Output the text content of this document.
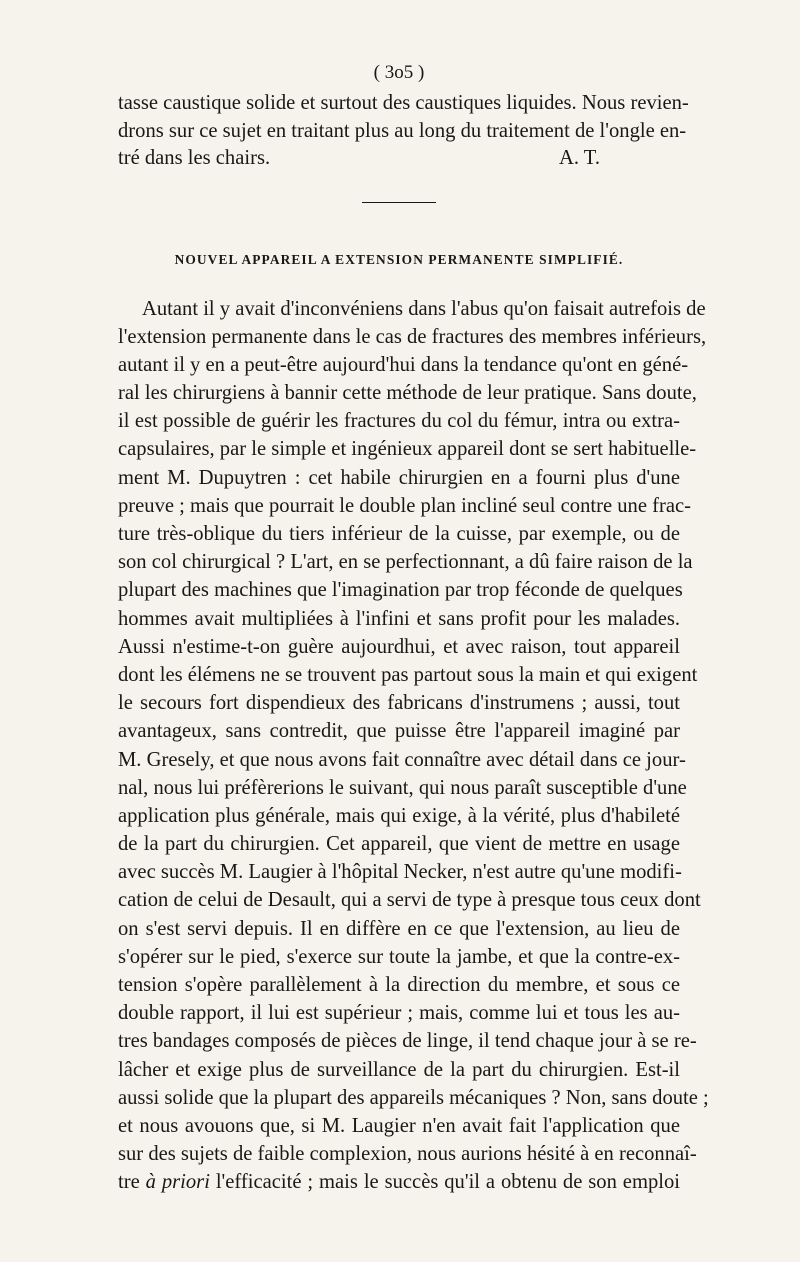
( 3o5 )
tasse caustique solide et surtout des caustiques liquides. Nous revien-
drons sur ce sujet en traitant plus au long du traitement de l'ongle en-
tré dans les chairs.	A. T.
NOUVEL APPAREIL A EXTENSION PERMANENTE SIMPLIFIÉ.
Autant il y avait d'inconvéniens dans l'abus qu'on faisait autrefois de
l'extension permanente dans le cas de fractures des membres inférieurs,
autant il y en a peut-être aujourd'hui dans la tendance qu'ont en géné-
ral les chirurgiens à bannir cette méthode de leur pratique. Sans doute,
il est possible de guérir les fractures du col du fémur, intra ou extra-
capsulaires, par le simple et ingénieux appareil dont se sert habituelle-
ment M. Dupuytren : cet habile chirurgien en a fourni plus d'une
preuve ; mais que pourrait le double plan incliné seul contre une frac-
ture très-oblique du tiers inférieur de la cuisse, par exemple, ou de
son col chirurgical ? L'art, en se perfectionnant, a dû faire raison de la
plupart des machines que l'imagination par trop féconde de quelques
hommes avait multipliées à l'infini et sans profit pour les malades.
Aussi n'estime-t-on guère aujourdhui, et avec raison, tout appareil
dont les élémens ne se trouvent pas partout sous la main et qui exigent
le secours fort dispendieux des fabricans d'instrumens ; aussi, tout
avantageux, sans contredit, que puisse être l'appareil imaginé par
M. Gresely, et que nous avons fait connaître avec détail dans ce jour-
nal, nous lui préfèrerions le suivant, qui nous paraît susceptible d'une
application plus générale, mais qui exige, à la vérité, plus d'habileté
de la part du chirurgien. Cet appareil, que vient de mettre en usage
avec succès M. Laugier à l'hôpital Necker, n'est autre qu'une modifi-
cation de celui de Desault, qui a servi de type à presque tous ceux dont
on s'est servi depuis. Il en diffère en ce que l'extension, au lieu de
s'opérer sur le pied, s'exerce sur toute la jambe, et que la contre-ex-
tension s'opère parallèlement à la direction du membre, et sous ce
double rapport, il lui est supérieur ; mais, comme lui et tous les au-
tres bandages composés de pièces de linge, il tend chaque jour à se re-
lâcher et exige plus de surveillance de la part du chirurgien. Est-il
aussi solide que la plupart des appareils mécaniques ? Non, sans doute ;
et nous avouons que, si M. Laugier n'en avait fait l'application que
sur des sujets de faible complexion, nous aurions hésité à en reconnaî-
tre à priori l'efficacité ; mais le succès qu'il a obtenu de son emploi
